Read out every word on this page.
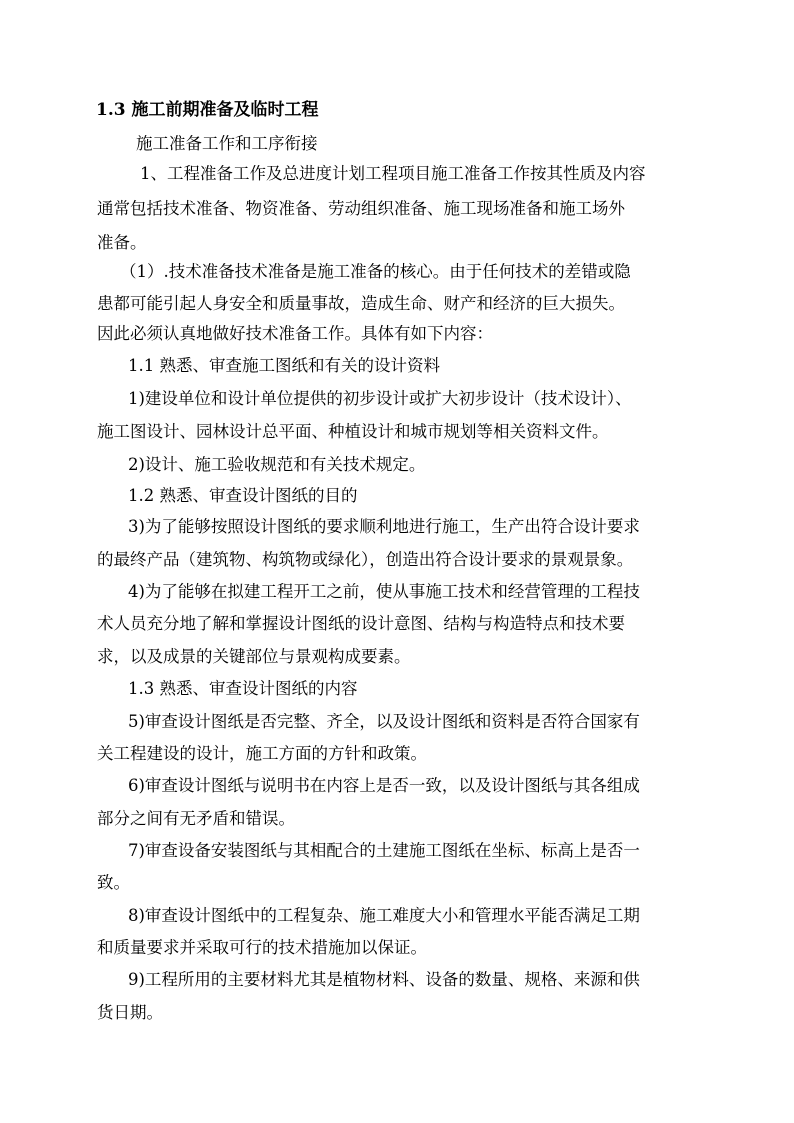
1.3 施工前期准备及临时工程
施工准备工作和工序衔接
1、工程准备工作及总进度计划工程项目施工准备工作按其性质及内容
通常包括技术准备、物资准备、劳动组织准备、施工现场准备和施工场外
准备。
（1）.技术准备技术准备是施工准备的核心。由于任何技术的差错或隐
患都可能引起人身安全和质量事故，造成生命、财产和经济的巨大损失。
因此必须认真地做好技术准备工作。具体有如下内容：
1.1 熟悉、审查施工图纸和有关的设计资料
1)建设单位和设计单位提供的初步设计或扩大初步设计（技术设计）、
施工图设计、园林设计总平面、种植设计和城市规划等相关资料文件。
2)设计、施工验收规范和有关技术规定。
1.2 熟悉、审查设计图纸的目的
3)为了能够按照设计图纸的要求顺利地进行施工，生产出符合设计要求
的最终产品（建筑物、构筑物或绿化），创造出符合设计要求的景观景象。
4)为了能够在拟建工程开工之前，使从事施工技术和经营管理的工程技
术人员充分地了解和掌握设计图纸的设计意图、结构与构造特点和技术要
求，以及成景的关键部位与景观构成要素。
1.3 熟悉、审查设计图纸的内容
5)审查设计图纸是否完整、齐全，以及设计图纸和资料是否符合国家有
关工程建设的设计，施工方面的方针和政策。
6)审查设计图纸与说明书在内容上是否一致，以及设计图纸与其各组成
部分之间有无矛盾和错误。
7)审查设备安装图纸与其相配合的土建施工图纸在坐标、标高上是否一
致。
8)审查设计图纸中的工程复杂、施工难度大小和管理水平能否满足工期
和质量要求并采取可行的技术措施加以保证。
9)工程所用的主要材料尤其是植物材料、设备的数量、规格、来源和供
货日期。
